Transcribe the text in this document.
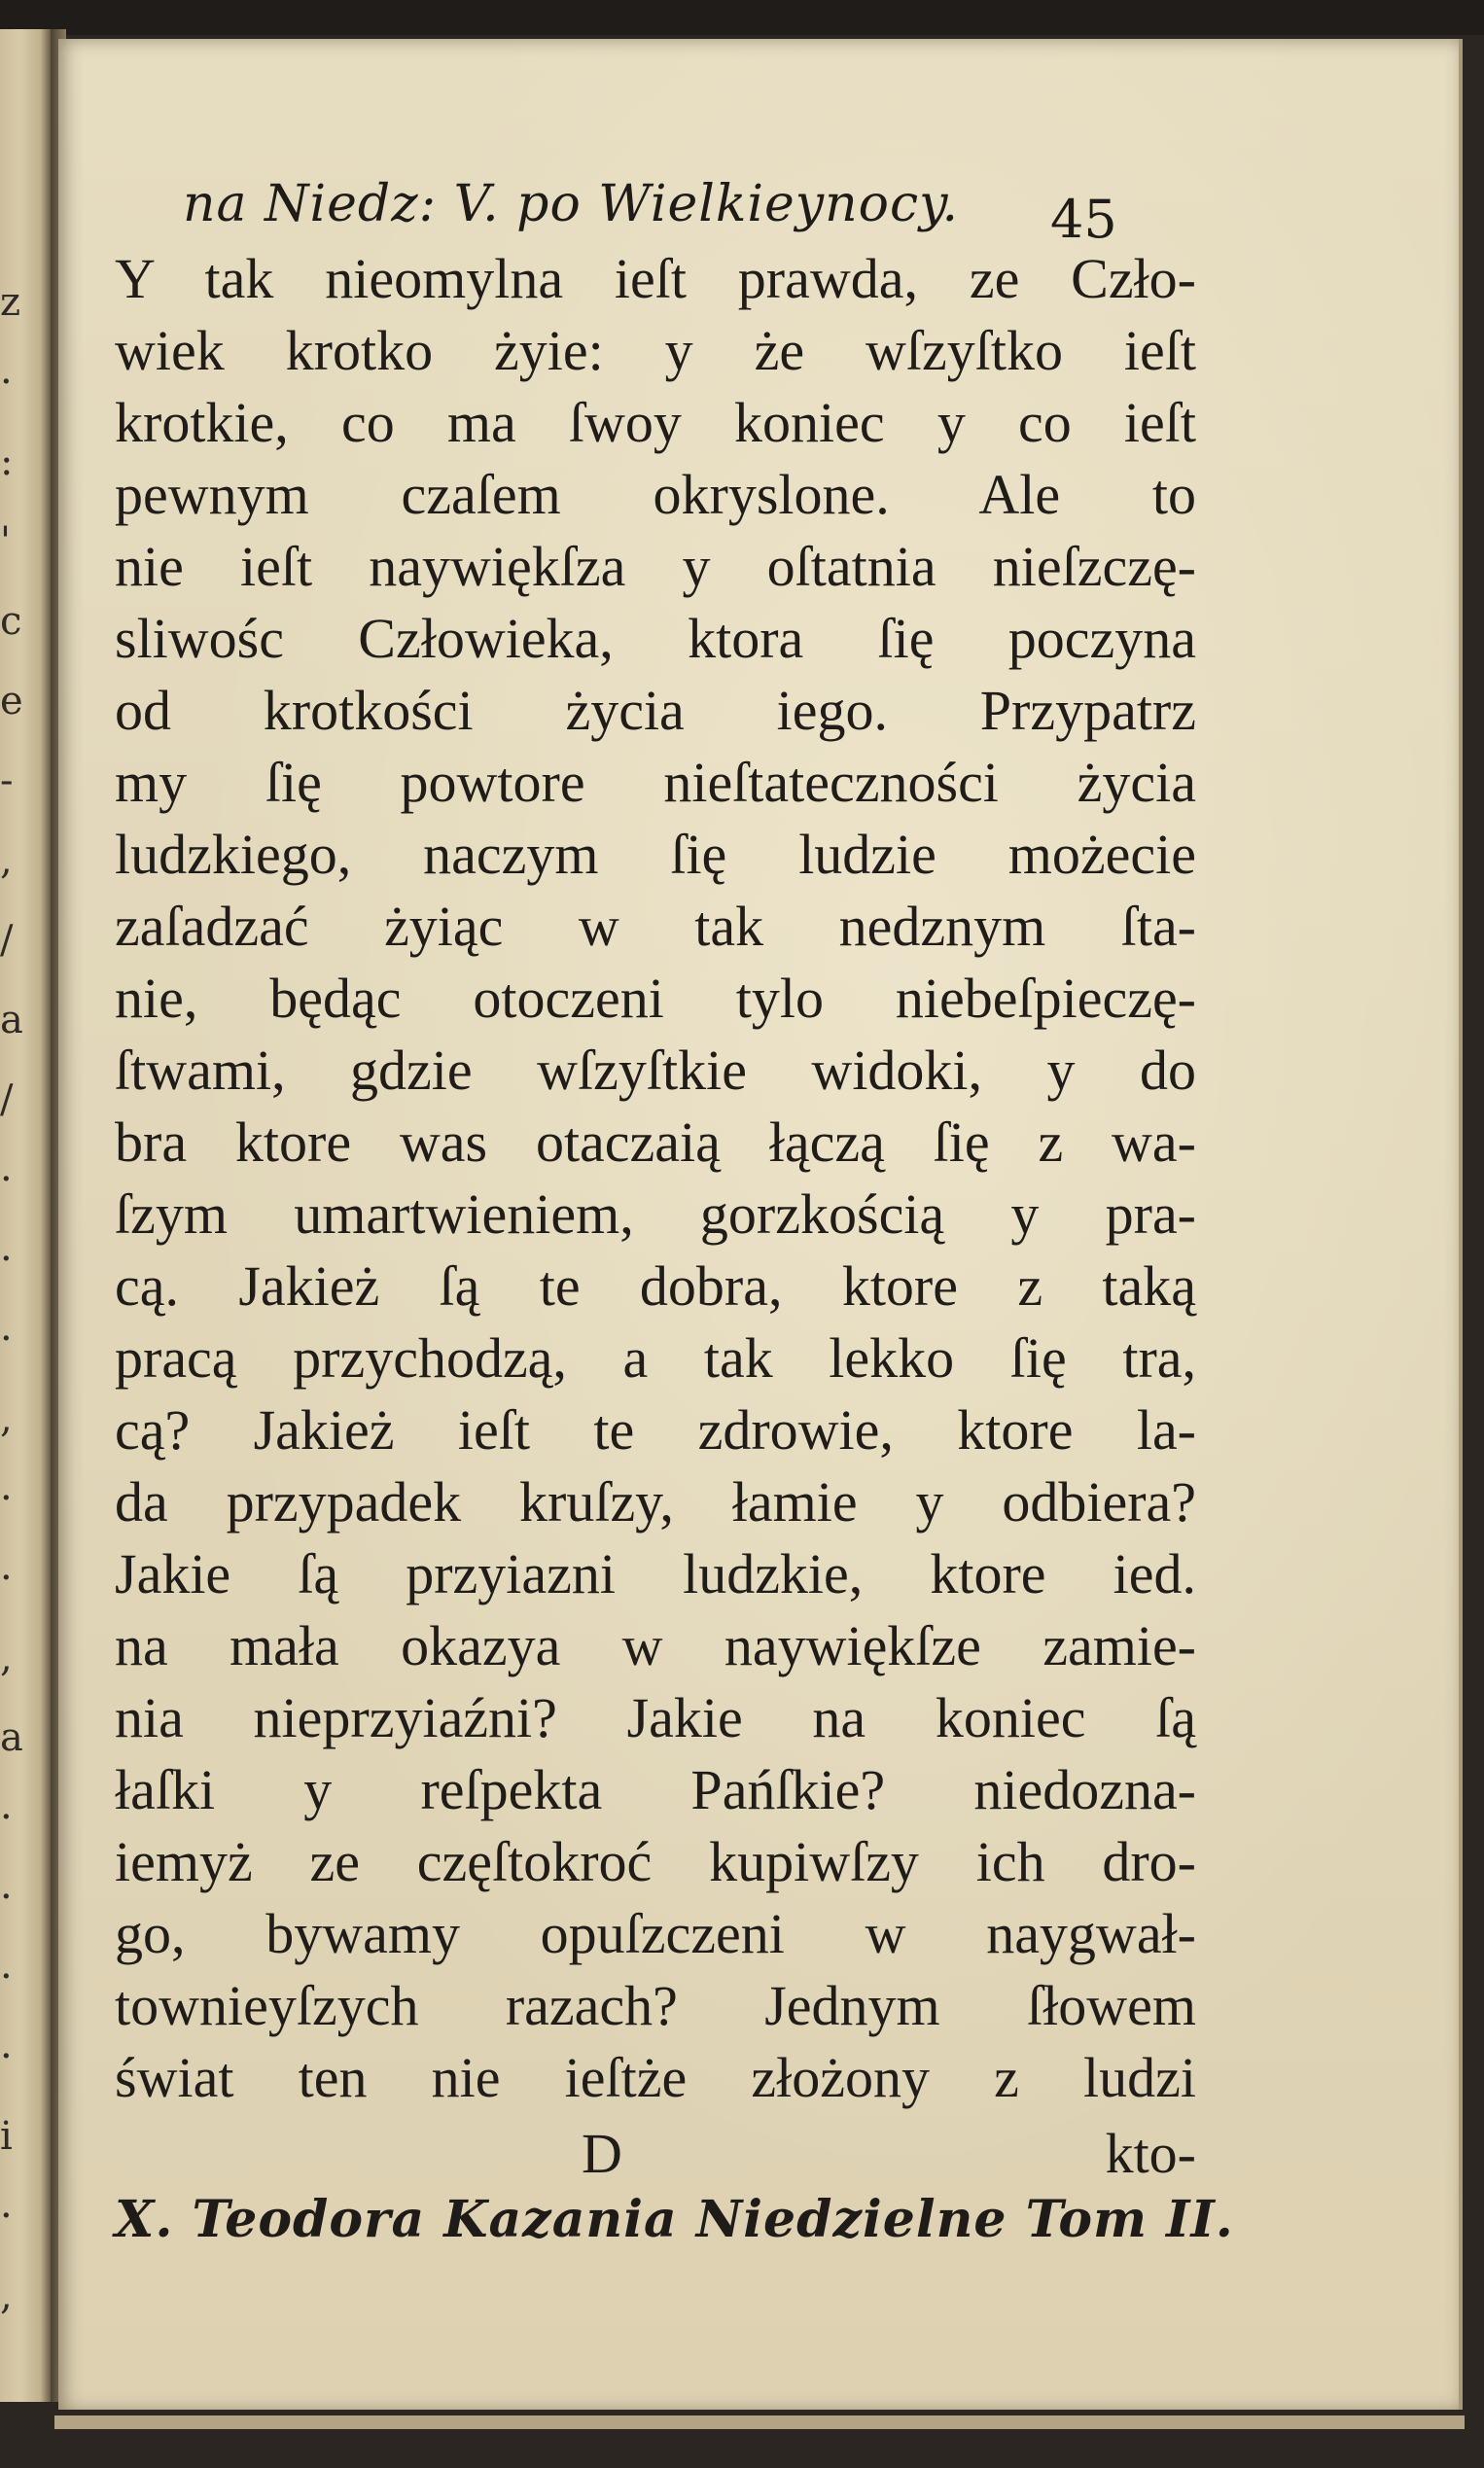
z
·
:
'
c
e
-
,
/
a
/
·
·
·
,
·
·
,
a
·
·
·
·
i
·
,
na Niedz: V. po Wielkieynocy. 45
Y tak nieomylna ieſt prawda, ze Czło-
wiek krotko żyie: y że wſzyſtko ieſt
krotkie, co ma ſwoy koniec y co ieſt
pewnym czaſem okryslone. Ale to
nie ieſt naywiękſza y oſtatnia nieſzczę-
sliwośc Człowieka, ktora ſię poczyna
od krotkości życia iego. Przypatrz
my ſię powtore nieſtateczności życia
ludzkiego, naczym ſię ludzie możecie
zaſadzać żyiąc w tak nedznym ſta-
nie, będąc otoczeni tylo niebeſpieczę-
ſtwami, gdzie wſzyſtkie widoki, y do
bra ktore was otaczaią łączą ſię z wa-
ſzym umartwieniem, gorzkością y pra-
cą. Jakież ſą te dobra, ktore z taką
pracą przychodzą, a tak lekko ſię tra,
cą? Jakież ieſt te zdrowie, ktore la-
da przypadek kruſzy, łamie y odbiera?
Jakie ſą przyiazni ludzkie, ktore ied.
na mała okazya w naywiękſze zamie-
nia nieprzyiaźni? Jakie na koniec ſą
łaſki y reſpekta Pańſkie? niedozna-
iemyż ze częſtokroć kupiwſzy ich dro-
go, bywamy opuſzczeni w naygwał-
townieyſzych razach? Jednym ſłowem
świat ten nie ieſtże złożony z ludzi
D	kto-
X. Teodora Kazania Niedzielne Tom II.
